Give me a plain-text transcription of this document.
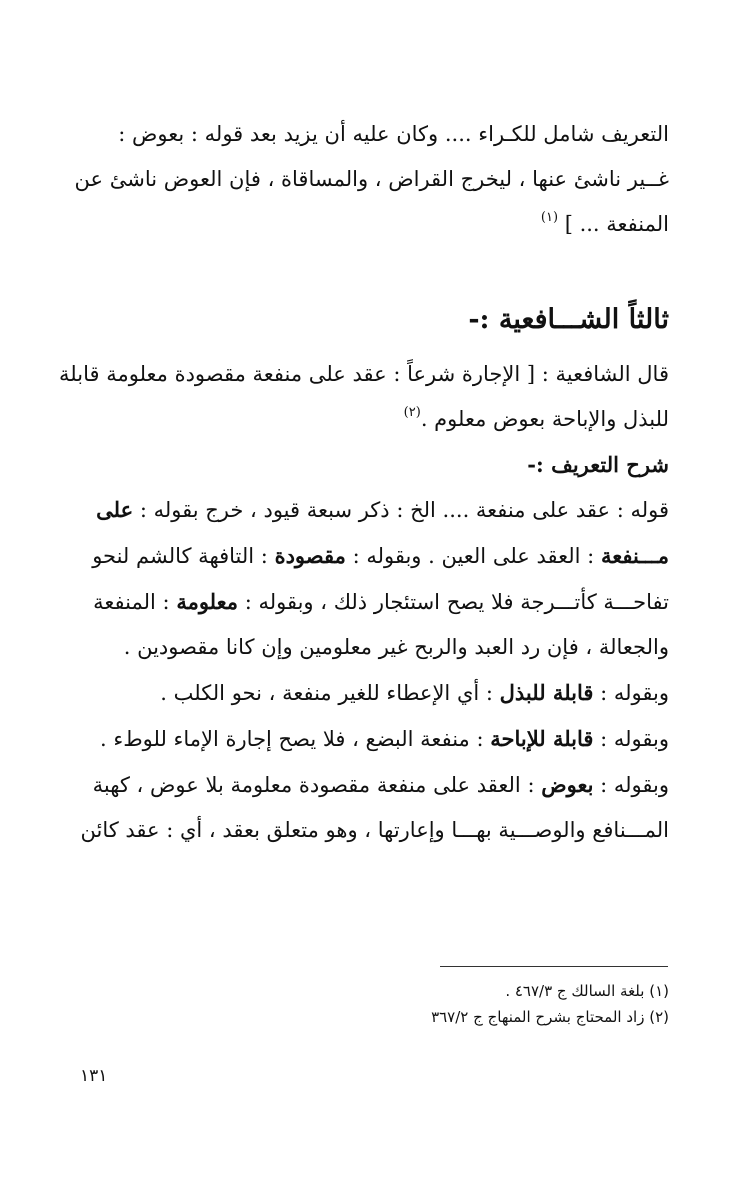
التعريف شامل للكـراء .... وكان عليه أن يزيد بعد قوله : بعوض :
غــير ناشئ عنها ، ليخرج القراض ، والمساقاة ، فإن العوض ناشئ عن
المنفعة ... ] $^{(١)}$
ثالثاً الشـــافعية :-
قال الشافعية : [ الإجارة شرعاً : عقد على منفعة مقصودة معلومة قابلة
للبذل والإباحة بعوض معلوم .$^{(٢)}$
شرح التعريف :-
قوله : عقد على منفعة .... الخ : ذكر سبعة قيود ، خرج بقوله : على
مـــنفعة : العقد على العين . وبقوله : مقصودة : التافهة كالشم لنحو
تفاحـــة كأتـــرجة فلا يصح استئجار ذلك ، وبقوله : معلومة : المنفعة
والجعالة ، فإن رد العبد والربح غير معلومين وإن كانا مقصودين .
وبقوله : قابلة للبذل : أي الإعطاء للغير منفعة ، نحو الكلب .
وبقوله : قابلة للإباحة : منفعة البضع ، فلا يصح إجارة الإماء للوطء .
وبقوله : بعوض : العقد على منفعة مقصودة معلومة بلا عوض ، كهبة
المـــنافع والوصـــية بهـــا وإعارتها ، وهو متعلق بعقد ، أي : عقد كائن
(١) بلغة السالك ج ٤٦٧/٣ .
(٢) زاد المحتاج بشرح المنهاج ج ٣٦٧/٢
١٣١
